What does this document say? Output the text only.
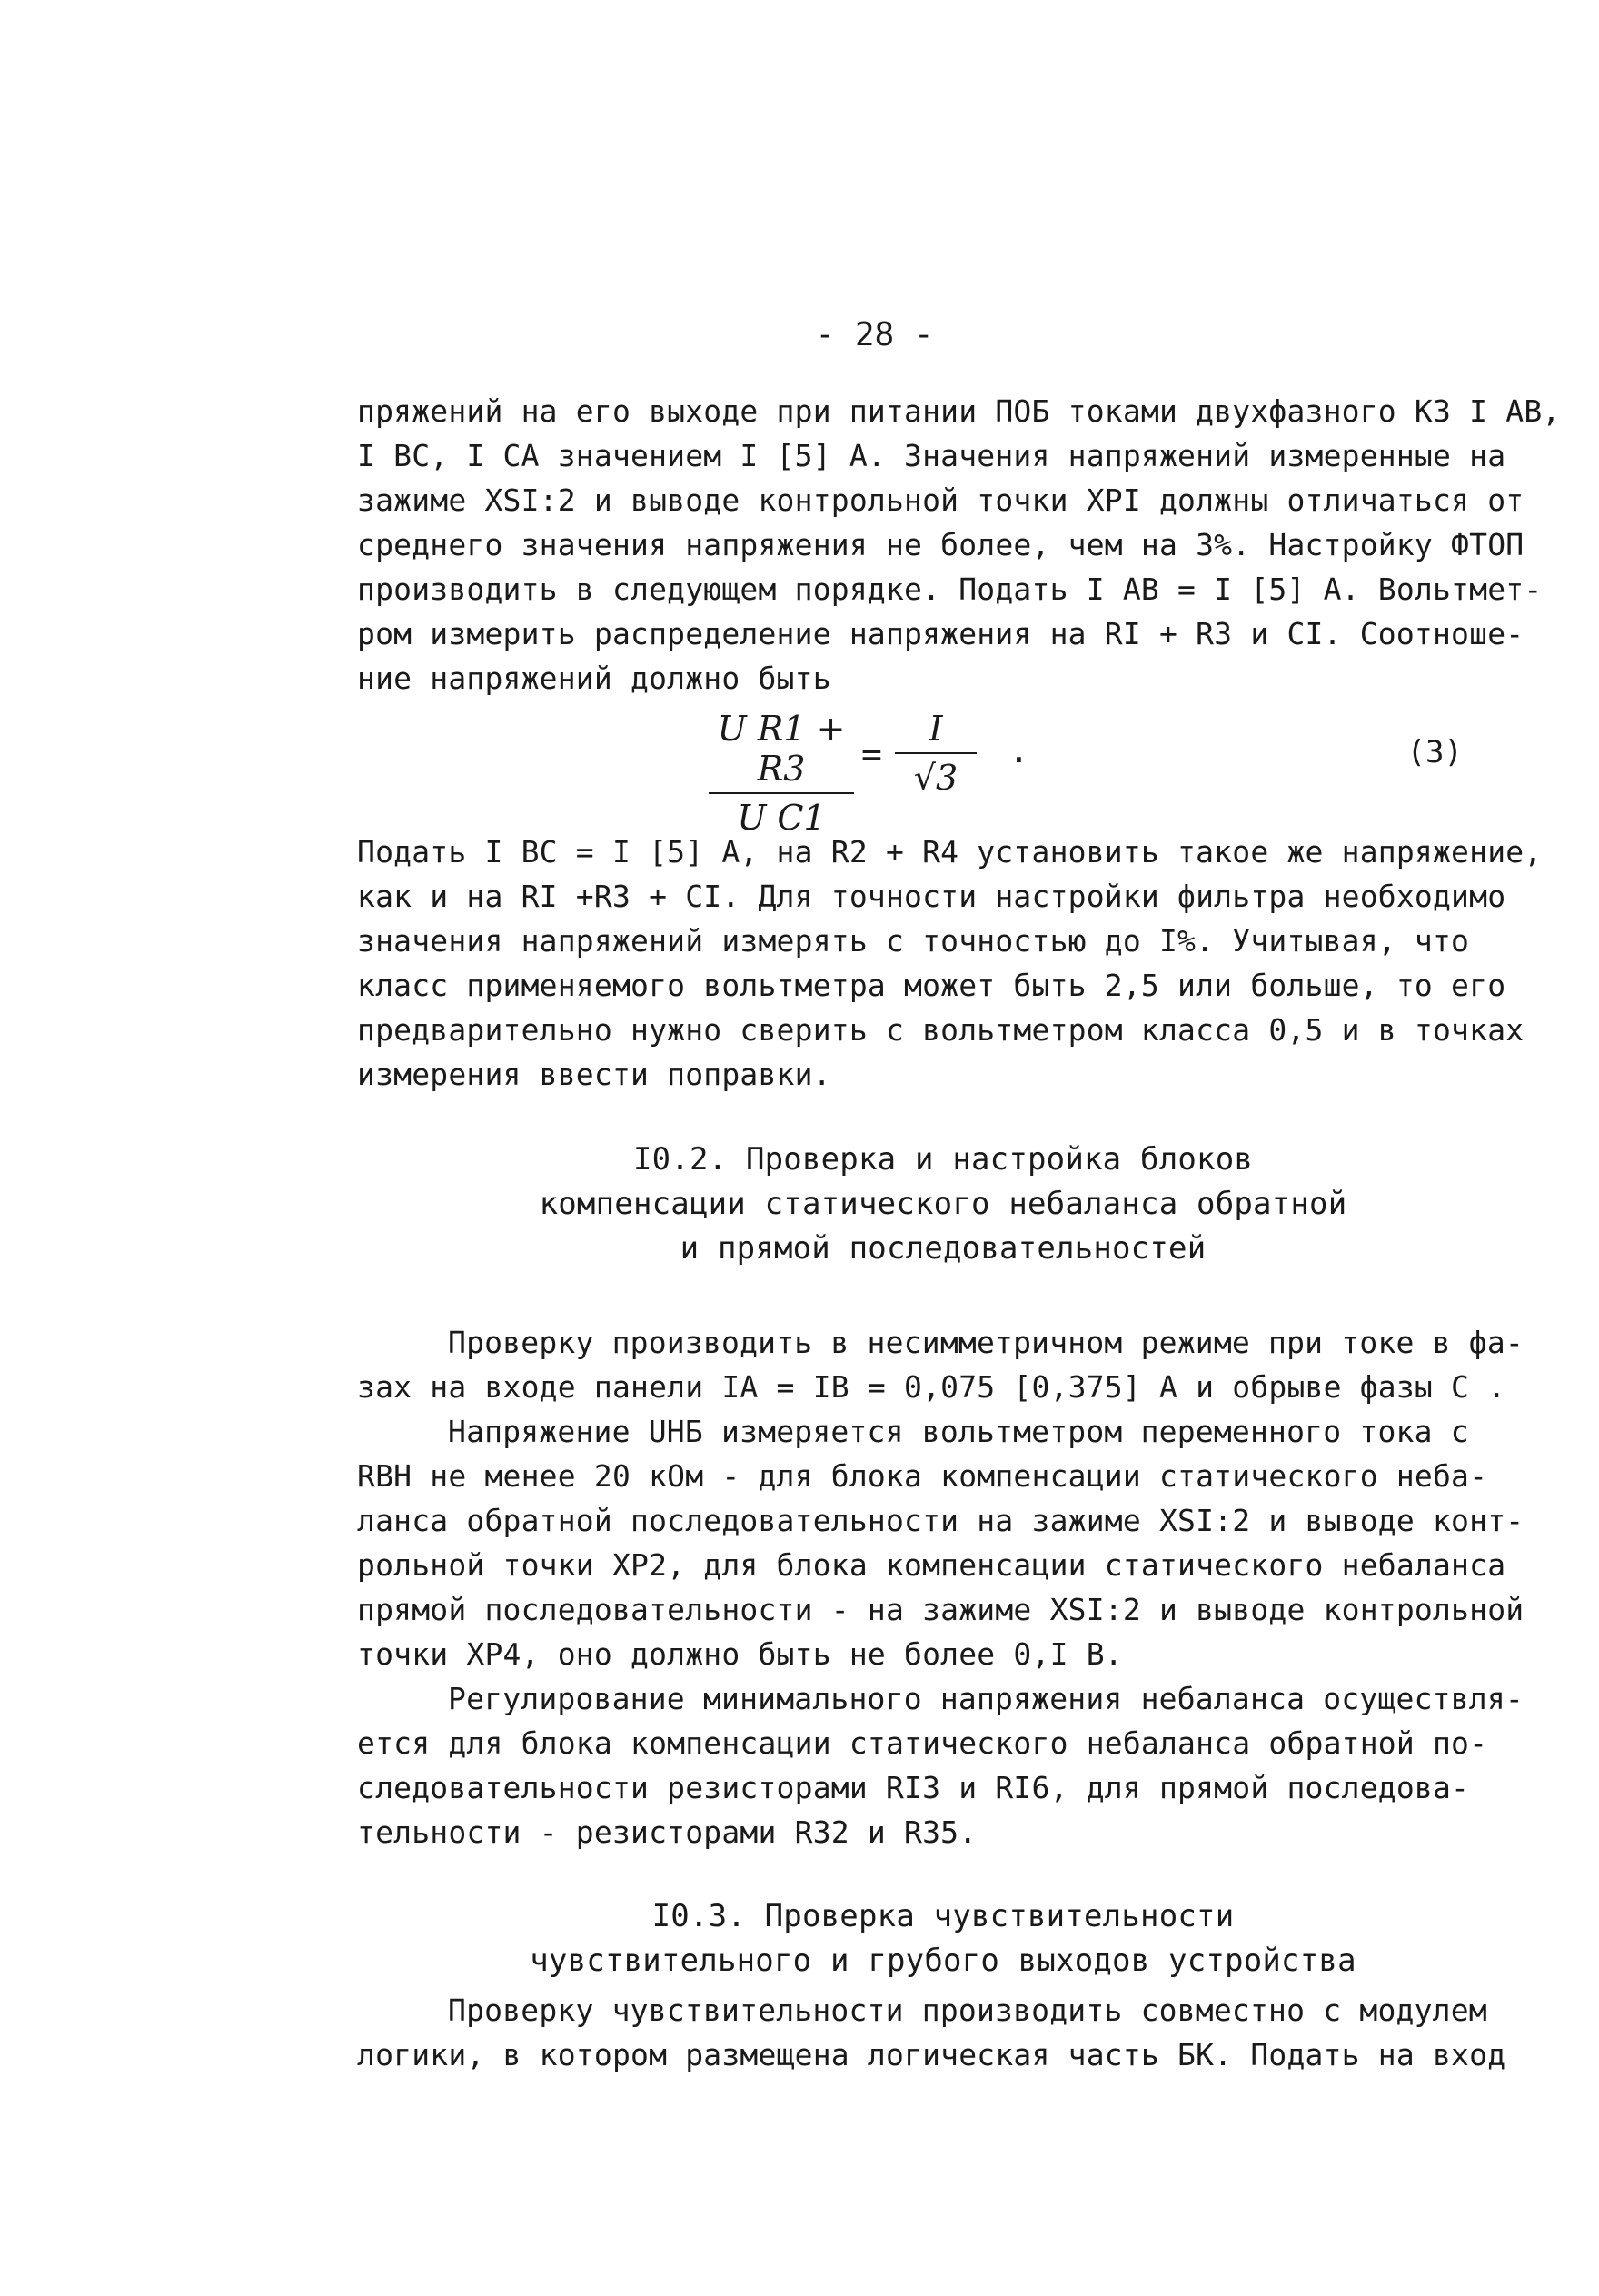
- 28 -
пряжений на его выходе при питании ПОБ токами двухфазного КЗ I AB,
I BC, I CA значением I [5] А. Значения напряжений измеренные на
зажиме XSI:2 и выводе контрольной точки XPI должны отличаться от
среднего значения напряжения не более, чем на 3%. Настройку ФТОП
производить в следующем порядке. Подать I AB = I [5] А. Вольтмет-
ром измерить распределение напряжения на RI + R3 и CI. Соотноше-
ние напряжений должно быть
U R1 + R3
U C1
=
I
√3
.	(3)
Подать I BC = I [5] А, на R2 + R4 установить такое же напряжение,
как и на RI +R3 + CI. Для точности настройки фильтра необходимо
значения напряжений измерять с точностью до I%. Учитывая, что
класс применяемого вольтметра может быть 2,5 или больше, то его
предварительно нужно сверить с вольтметром класса 0,5 и в точках
измерения ввести поправки.
I0.2. Проверка и настройка блоков
компенсации статического небаланса обратной
и прямой последовательностей
Проверку производить в несимметричном режиме при токе в фа-
зах на входе панели IA = IB = 0,075 [0,375] А и обрыве фазы С .
Напряжение UНБ измеряется вольтметром переменного тока с
RВН не менее 20 кОм - для блока компенсации статического неба-
ланса обратной последовательности на зажиме XSI:2 и выводе конт-
рольной точки XP2, для блока компенсации статического небаланса
прямой последовательности - на зажиме XSI:2 и выводе контрольной
точки XP4, оно должно быть не более 0,I В.
Регулирование минимального напряжения небаланса осуществля-
ется для блока компенсации статического небаланса обратной по-
следовательности резисторами RI3 и RI6, для прямой последова-
тельности - резисторами R32 и R35.
I0.3. Проверка чувствительности
чувствительного и грубого выходов устройства
Проверку чувствительности производить совместно с модулем
логики, в котором размещена логическая часть БК. Подать на вход
